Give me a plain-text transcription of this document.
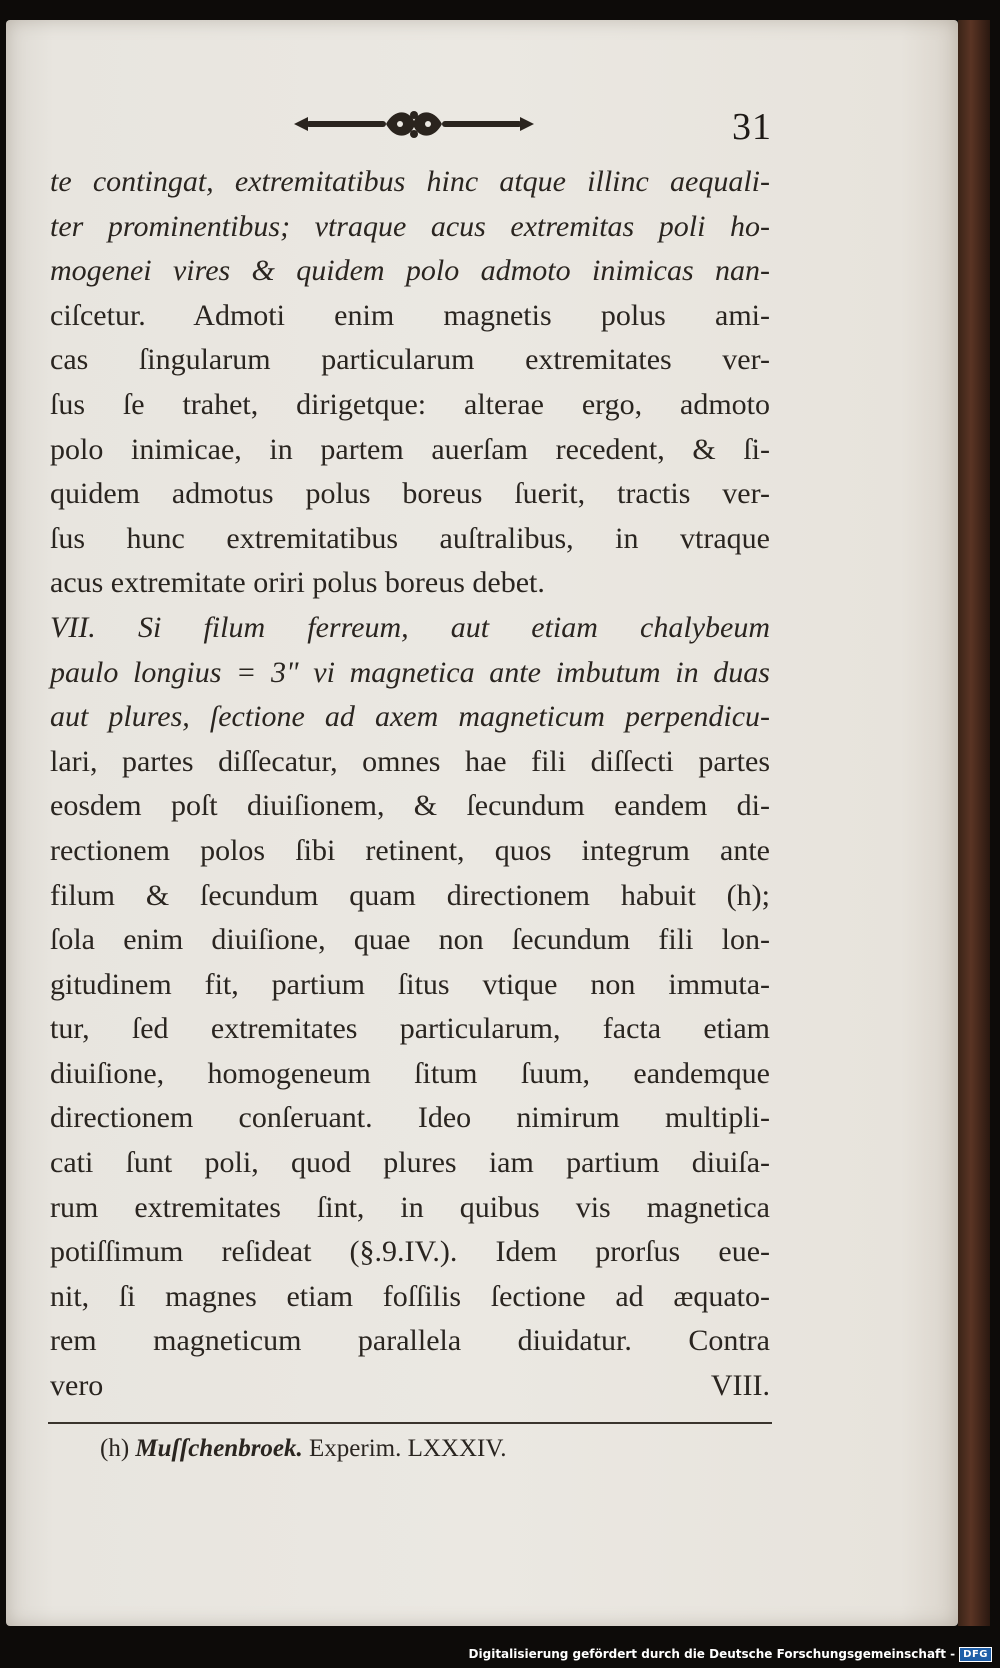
31
te contingat, extremitatibus hinc atque illinc aequali-
ter prominentibus; vtraque acus extremitas poli ho-
mogenei vires & quidem polo admoto inimicas nan-
ciſcetur. Admoti enim magnetis polus ami-
cas ſingularum particularum extremitates ver-
ſus ſe trahet, dirigetque: alterae ergo, admoto
polo inimicae, in partem auerſam recedent, & ſi-
quidem admotus polus boreus ſuerit, tractis ver-
ſus hunc extremitatibus auſtralibus, in vtraque
acus extremitate oriri polus boreus debet.
VII. Si filum ferreum, aut etiam chalybeum
paulo longius = 3" vi magnetica ante imbutum in duas
aut plures, ſectione ad axem magneticum perpendicu-
lari, partes diſſecatur, omnes hae fili diſſecti partes
eosdem poſt diuiſionem, & ſecundum eandem di-
rectionem polos ſibi retinent, quos integrum ante
filum & ſecundum quam directionem habuit (h);
ſola enim diuiſione, quae non ſecundum fili lon-
gitudinem fit, partium ſitus vtique non immuta-
tur, ſed extremitates particularum, facta etiam
diuiſione, homogeneum ſitum ſuum, eandemque
directionem conſeruant. Ideo nimirum multipli-
cati ſunt poli, quod plures iam partium diuiſa-
rum extremitates ſint, in quibus vis magnetica
potiſſimum reſideat (§.9.IV.). Idem prorſus eue-
nit, ſi magnes etiam foſſilis ſectione ad æquato-
rem magneticum parallela diuidatur. Contra
vero VIII.
(h) Muſſchenbroek. Experim. LXXXIV.
Digitalisierung gefördert durch die Deutsche Forschungsgemeinschaft - DFG
